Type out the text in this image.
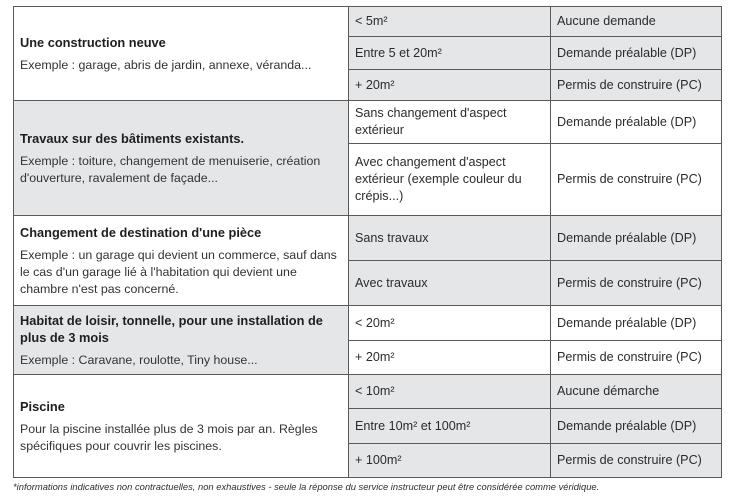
Une construction neuve
Exemple : garage, abris de jardin, annexe, véranda...	< 5m²	Aucune demande
	Entre 5 et 20m²	Demande préalable (DP)
	+ 20m²	Permis de construire (PC)

Travaux sur des bâtiments existants.
Exemple : toiture, changement de menuiserie, création d'ouverture, ravalement de façade...	Sans changement d'aspect extérieur	Demande préalable (DP)
	Avec changement d'aspect extérieur (exemple couleur du crépis...)	Permis de construire (PC)

Changement de destination d'une pièce
Exemple : un garage qui devient un commerce, sauf dans le cas d'un garage lié à l'habitation qui devient une chambre n'est pas concerné.	Sans travaux	Demande préalable (DP)
	Avec travaux	Permis de construire (PC)

Habitat de loisir, tonnelle, pour une installation de plus de 3 mois
Exemple : Caravane, roulotte, Tiny house...	< 20m²	Demande préalable (DP)
	+ 20m²	Permis de construire (PC)

Piscine
Pour la piscine installée plus de 3 mois par an. Règles spécifiques pour couvrir les piscines.	< 10m²	Aucune démarche
	Entre 10m² et 100m²	Demande préalable (DP)
	+ 100m²	Permis de construire (PC)
*informations indicatives non contractuelles, non exhaustives - seule la réponse du service instructeur peut être considérée comme véridique.
